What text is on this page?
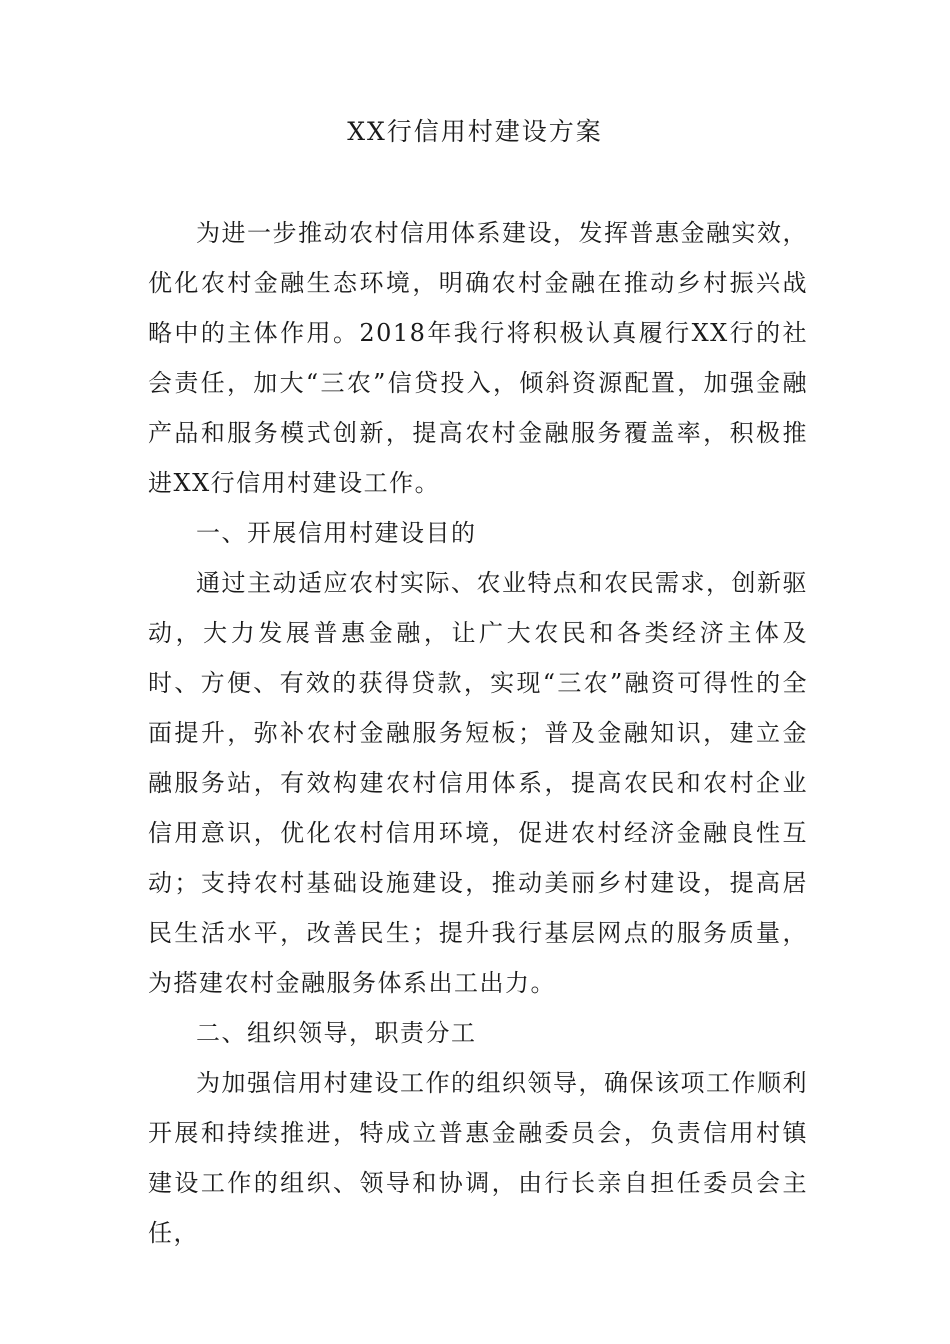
XX行信用村建设方案

为进一步推动农村信用体系建设，发挥普惠金融实效，优化农村金融生态环境，明确农村金融在推动乡村振兴战略中的主体作用。2018年我行将积极认真履行XX行的社会责任，加大“三农”信贷投入，倾斜资源配置，加强金融产品和服务模式创新，提高农村金融服务覆盖率，积极推进XX行信用村建设工作。

一、开展信用村建设目的

通过主动适应农村实际、农业特点和农民需求，创新驱动，大力发展普惠金融，让广大农民和各类经济主体及时、方便、有效的获得贷款，实现“三农”融资可得性的全面提升，弥补农村金融服务短板；普及金融知识，建立金融服务站，有效构建农村信用体系，提高农民和农村企业信用意识，优化农村信用环境，促进农村经济金融良性互动；支持农村基础设施建设，推动美丽乡村建设，提高居民生活水平，改善民生；提升我行基层网点的服务质量，为搭建农村金融服务体系出工出力。

二、组织领导，职责分工

为加强信用村建设工作的组织领导，确保该项工作顺利开展和持续推进，特成立普惠金融委员会，负责信用村镇建设工作的组织、领导和协调，由行长亲自担任委员会主任，
